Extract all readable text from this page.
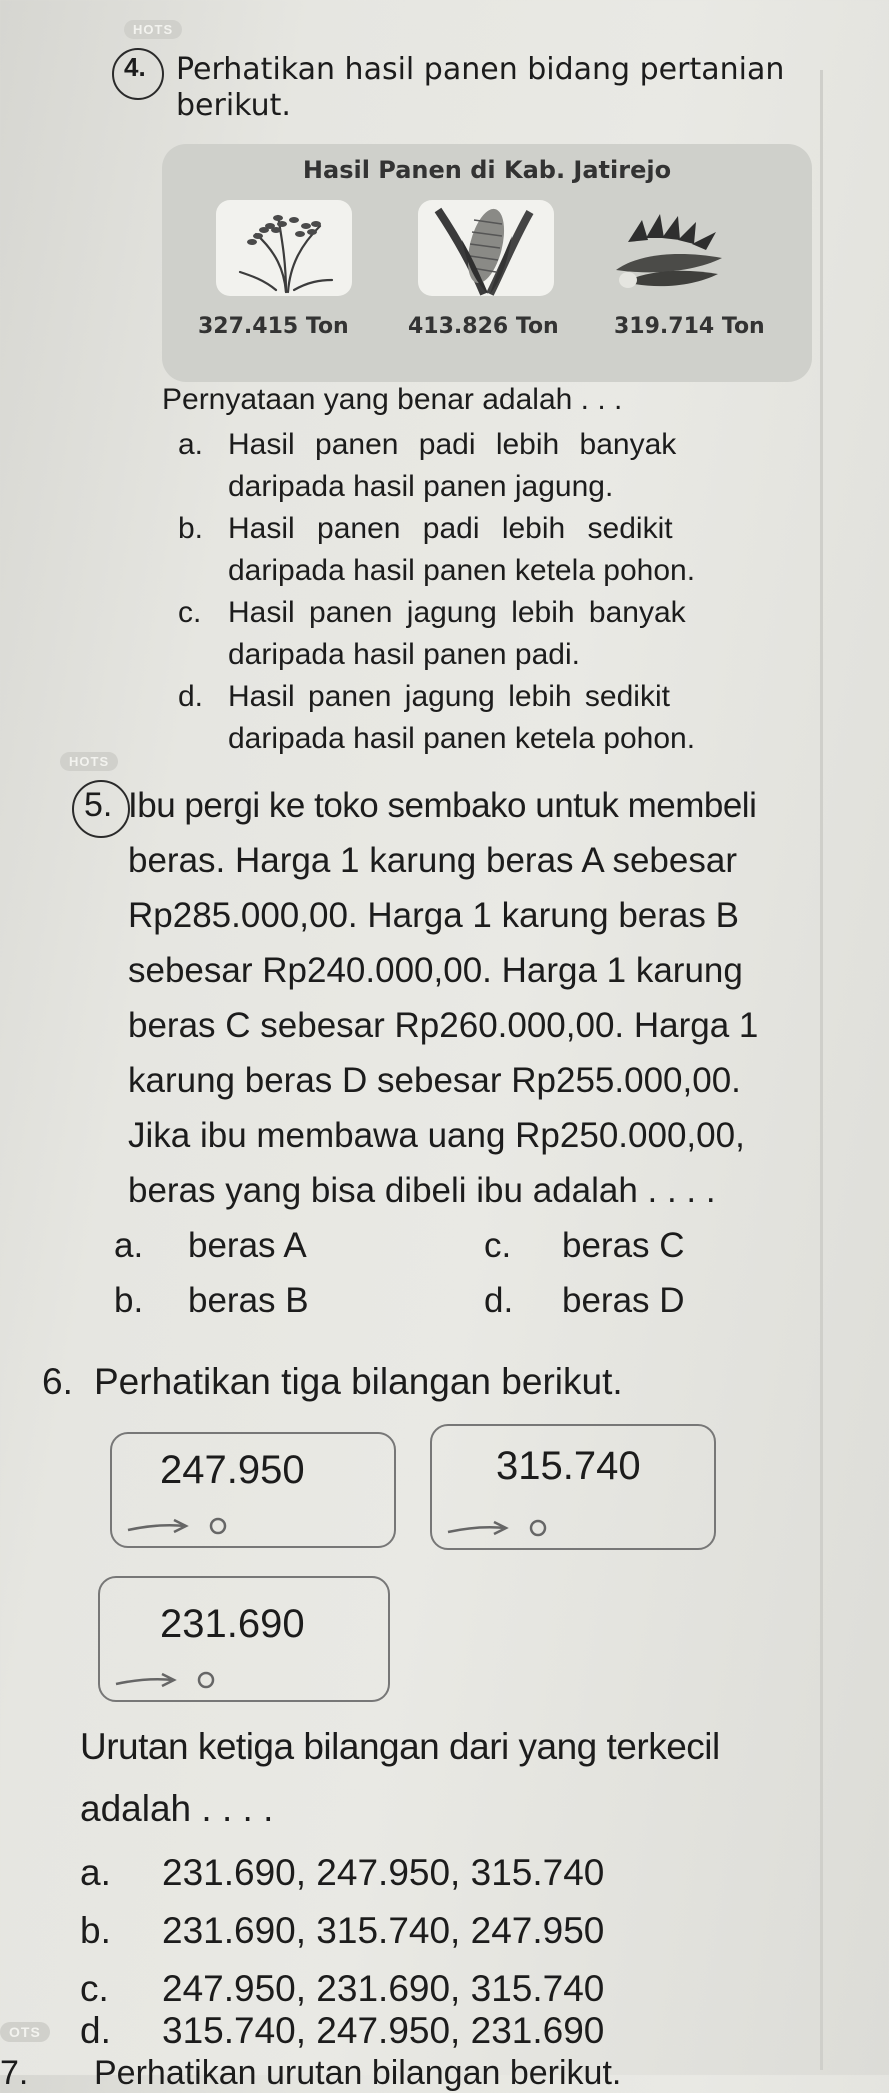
HOTS
4. Perhatikan hasil panen bidang pertanian
berikut.
Hasil Panen di Kab. Jatirejo
327.415 Ton	413.826 Ton	319.714 Ton
Pernyataan yang benar adalah . . .
a. Hasil panen padi lebih banyak
daripada hasil panen jagung.
b. Hasil panen padi lebih sedikit
daripada hasil panen ketela pohon.
c. Hasil panen jagung lebih banyak
daripada hasil panen padi.
d. Hasil panen jagung lebih sedikit
daripada hasil panen ketela pohon.
HOTS
5. Ibu pergi ke toko sembako untuk membeli
beras. Harga 1 karung beras A sebesar
Rp285.000,00. Harga 1 karung beras B
sebesar Rp240.000,00. Harga 1 karung
beras C sebesar Rp260.000,00. Harga 1
karung beras D sebesar Rp255.000,00.
Jika ibu membawa uang Rp250.000,00,
beras yang bisa dibeli ibu adalah . . . .
a. beras A	c. beras C
b. beras B	d. beras D
6. Perhatikan tiga bilangan berikut.
247.950	315.740
231.690
Urutan ketiga bilangan dari yang terkecil
adalah . . . .
a. 231.690, 247.950, 315.740
b. 231.690, 315.740, 247.950
c. 247.950, 231.690, 315.740
d. 315.740, 247.950, 231.690
OTS
7. Perhatikan urutan bilangan berikut.
